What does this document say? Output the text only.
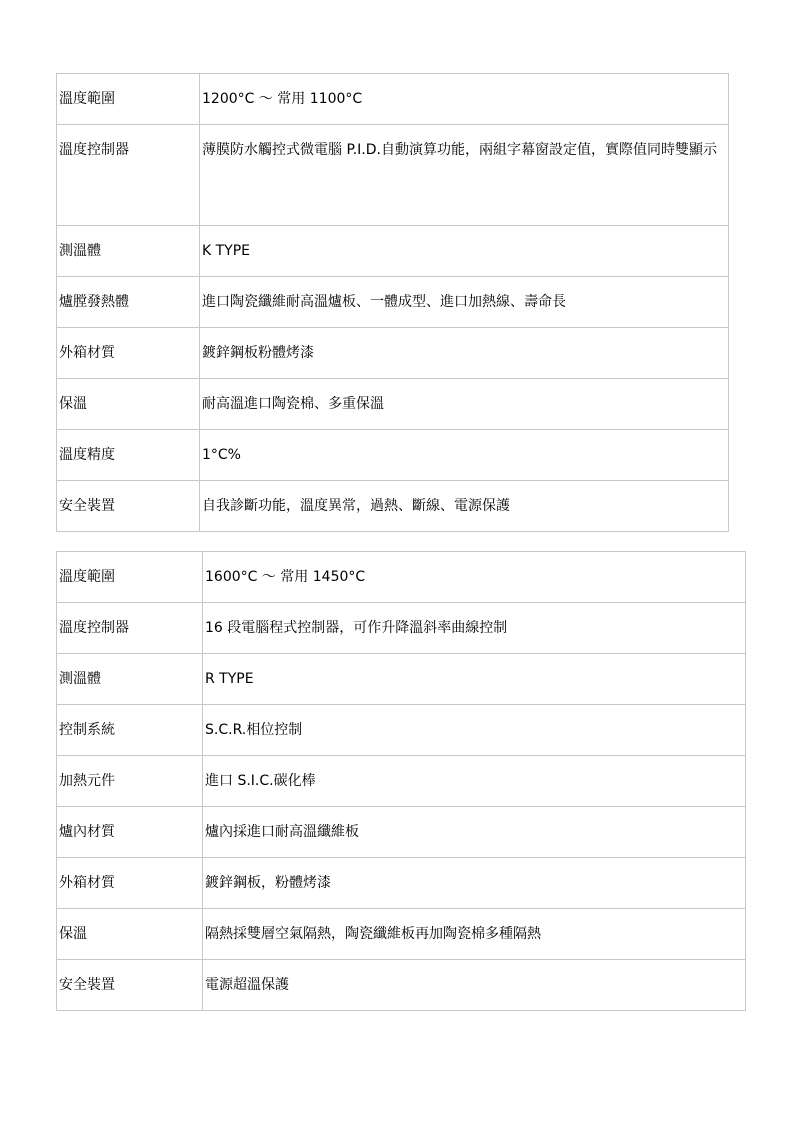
溫度範圍	1200°C ～ 常用 1100°C
溫度控制器	薄膜防水觸控式微電腦 P.I.D.自動演算功能，兩組字幕窗設定值，實際值同時雙顯示
測溫體	K TYPE
爐膛發熱體	進口陶瓷纖維耐高溫爐板、一體成型、進口加熱線、壽命長
外箱材質	鍍鋅鋼板粉體烤漆
保溫	耐高溫進口陶瓷棉、多重保溫
溫度精度	1°C%
安全裝置	自我診斷功能，溫度異常，過熱、斷線、電源保護
溫度範圍	1600°C ～ 常用 1450°C
溫度控制器	16 段電腦程式控制器，可作升降溫斜率曲線控制
測溫體	R TYPE
控制系統	S.C.R.相位控制
加熱元件	進口 S.I.C.碳化棒
爐內材質	爐內採進口耐高溫纖維板
外箱材質	鍍鋅鋼板，粉體烤漆
保溫	隔熱採雙層空氣隔熱，陶瓷纖維板再加陶瓷棉多種隔熱
安全裝置	電源超溫保護
